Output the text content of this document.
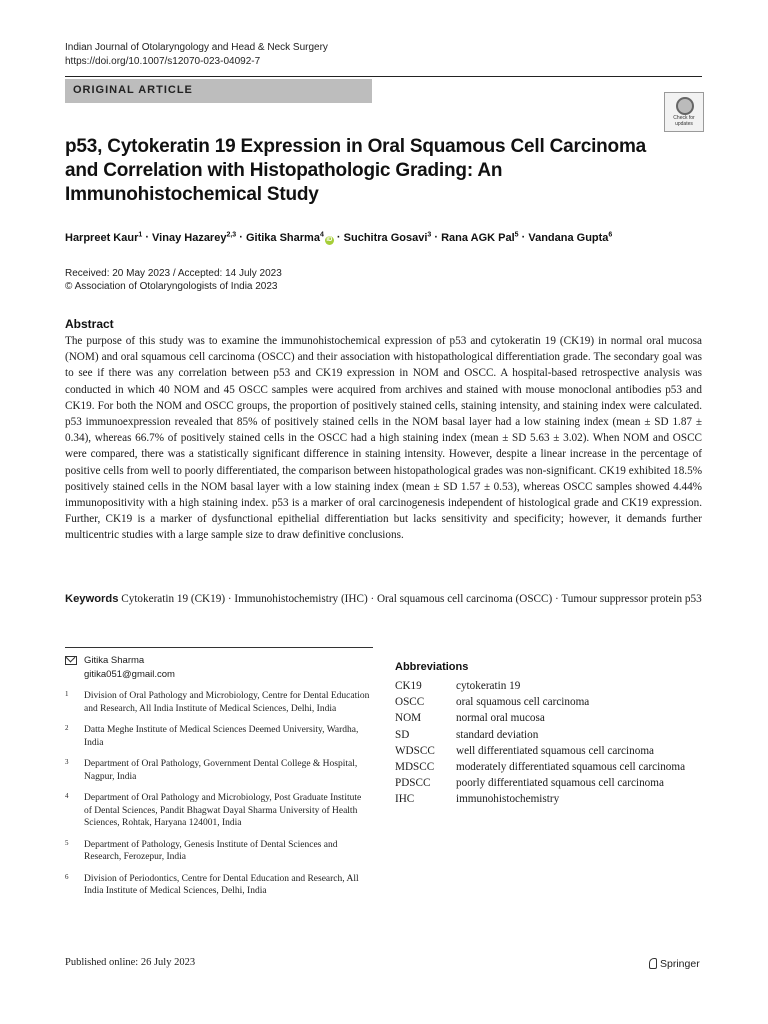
Indian Journal of Otolaryngology and Head & Neck Surgery
https://doi.org/10.1007/s12070-023-04092-7
ORIGINAL ARTICLE
Check for updates
p53, Cytokeratin 19 Expression in Oral Squamous Cell Carcinoma and Correlation with Histopathologic Grading: An Immunohistochemical Study
Harpreet Kaur$^1$ · Vinay Hazarey$^{2,3}$ · Gitika Sharma$^4$iD · Suchitra Gosavi$^3$ · Rana AGK Pal$^5$ · Vandana Gupta$^6$
Received: 20 May 2023 / Accepted: 14 July 2023
© Association of Otolaryngologists of India 2023
Abstract
The purpose of this study was to examine the immunohistochemical expression of p53 and cytokeratin 19 (CK19) in normal oral mucosa (NOM) and oral squamous cell carcinoma (OSCC) and their association with histopathological differentiation grade. The secondary goal was to see if there was any correlation between p53 and CK19 expression in NOM and OSCC. A hospital-based retrospective analysis was conducted in which 40 NOM and 45 OSCC samples were acquired from archives and stained with mouse monoclonal antibodies p53 and CK19. For both the NOM and OSCC groups, the proportion of positively stained cells, staining intensity, and staining index were calculated. p53 immunoexpression revealed that 85% of positively stained cells in the NOM basal layer had a low staining index (mean ± SD 1.87 ± 0.34), whereas 66.7% of positively stained cells in the OSCC had a high staining index (mean ± SD 5.63 ± 3.02). When NOM and OSCC were compared, there was a statistically significant difference in staining intensity. However, despite a linear increase in the percentage of positive cells from well to poorly differentiated, the comparison between histopathological grades was non-significant. CK19 exhibited 18.5% positively stained cells in the NOM basal layer with a low staining index (mean ± SD 1.57 ± 0.53), whereas OSCC samples showed 4.44% immunopositivity with a high staining index. p53 is a marker of oral carcinogenesis independent of histological grade and CK19 expression. Further, CK19 is a marker of dysfunctional epithelial differentiation but lacks sensitivity and specificity; however, it demands further multicentric studies with a large sample size to draw definitive conclusions.
Keywords Cytokeratin 19 (CK19) · Immunohistochemistry (IHC) · Oral squamous cell carcinoma (OSCC) · Tumour suppressor protein p53
Gitika Sharma
gitika051@gmail.com
1 Division of Oral Pathology and Microbiology, Centre for Dental Education and Research, All India Institute of Medical Sciences, Delhi, India
2 Datta Meghe Institute of Medical Sciences Deemed University, Wardha, India
3 Department of Oral Pathology, Government Dental College & Hospital, Nagpur, India
4 Department of Oral Pathology and Microbiology, Post Graduate Institute of Dental Sciences, Pandit Bhagwat Dayal Sharma University of Health Sciences, Rohtak, Haryana 124001, India
5 Department of Pathology, Genesis Institute of Dental Sciences and Research, Ferozepur, India
6 Division of Periodontics, Centre for Dental Education and Research, All India Institute of Medical Sciences, Delhi, India
Abbreviations
CK19	cytokeratin 19
OSCC	oral squamous cell carcinoma
NOM	normal oral mucosa
SD	standard deviation
WDSCC	well differentiated squamous cell carcinoma
MDSCC	moderately differentiated squamous cell carcinoma
PDSCC	poorly differentiated squamous cell carcinoma
IHC	immunohistochemistry
Published online: 26 July 2023	Springer
